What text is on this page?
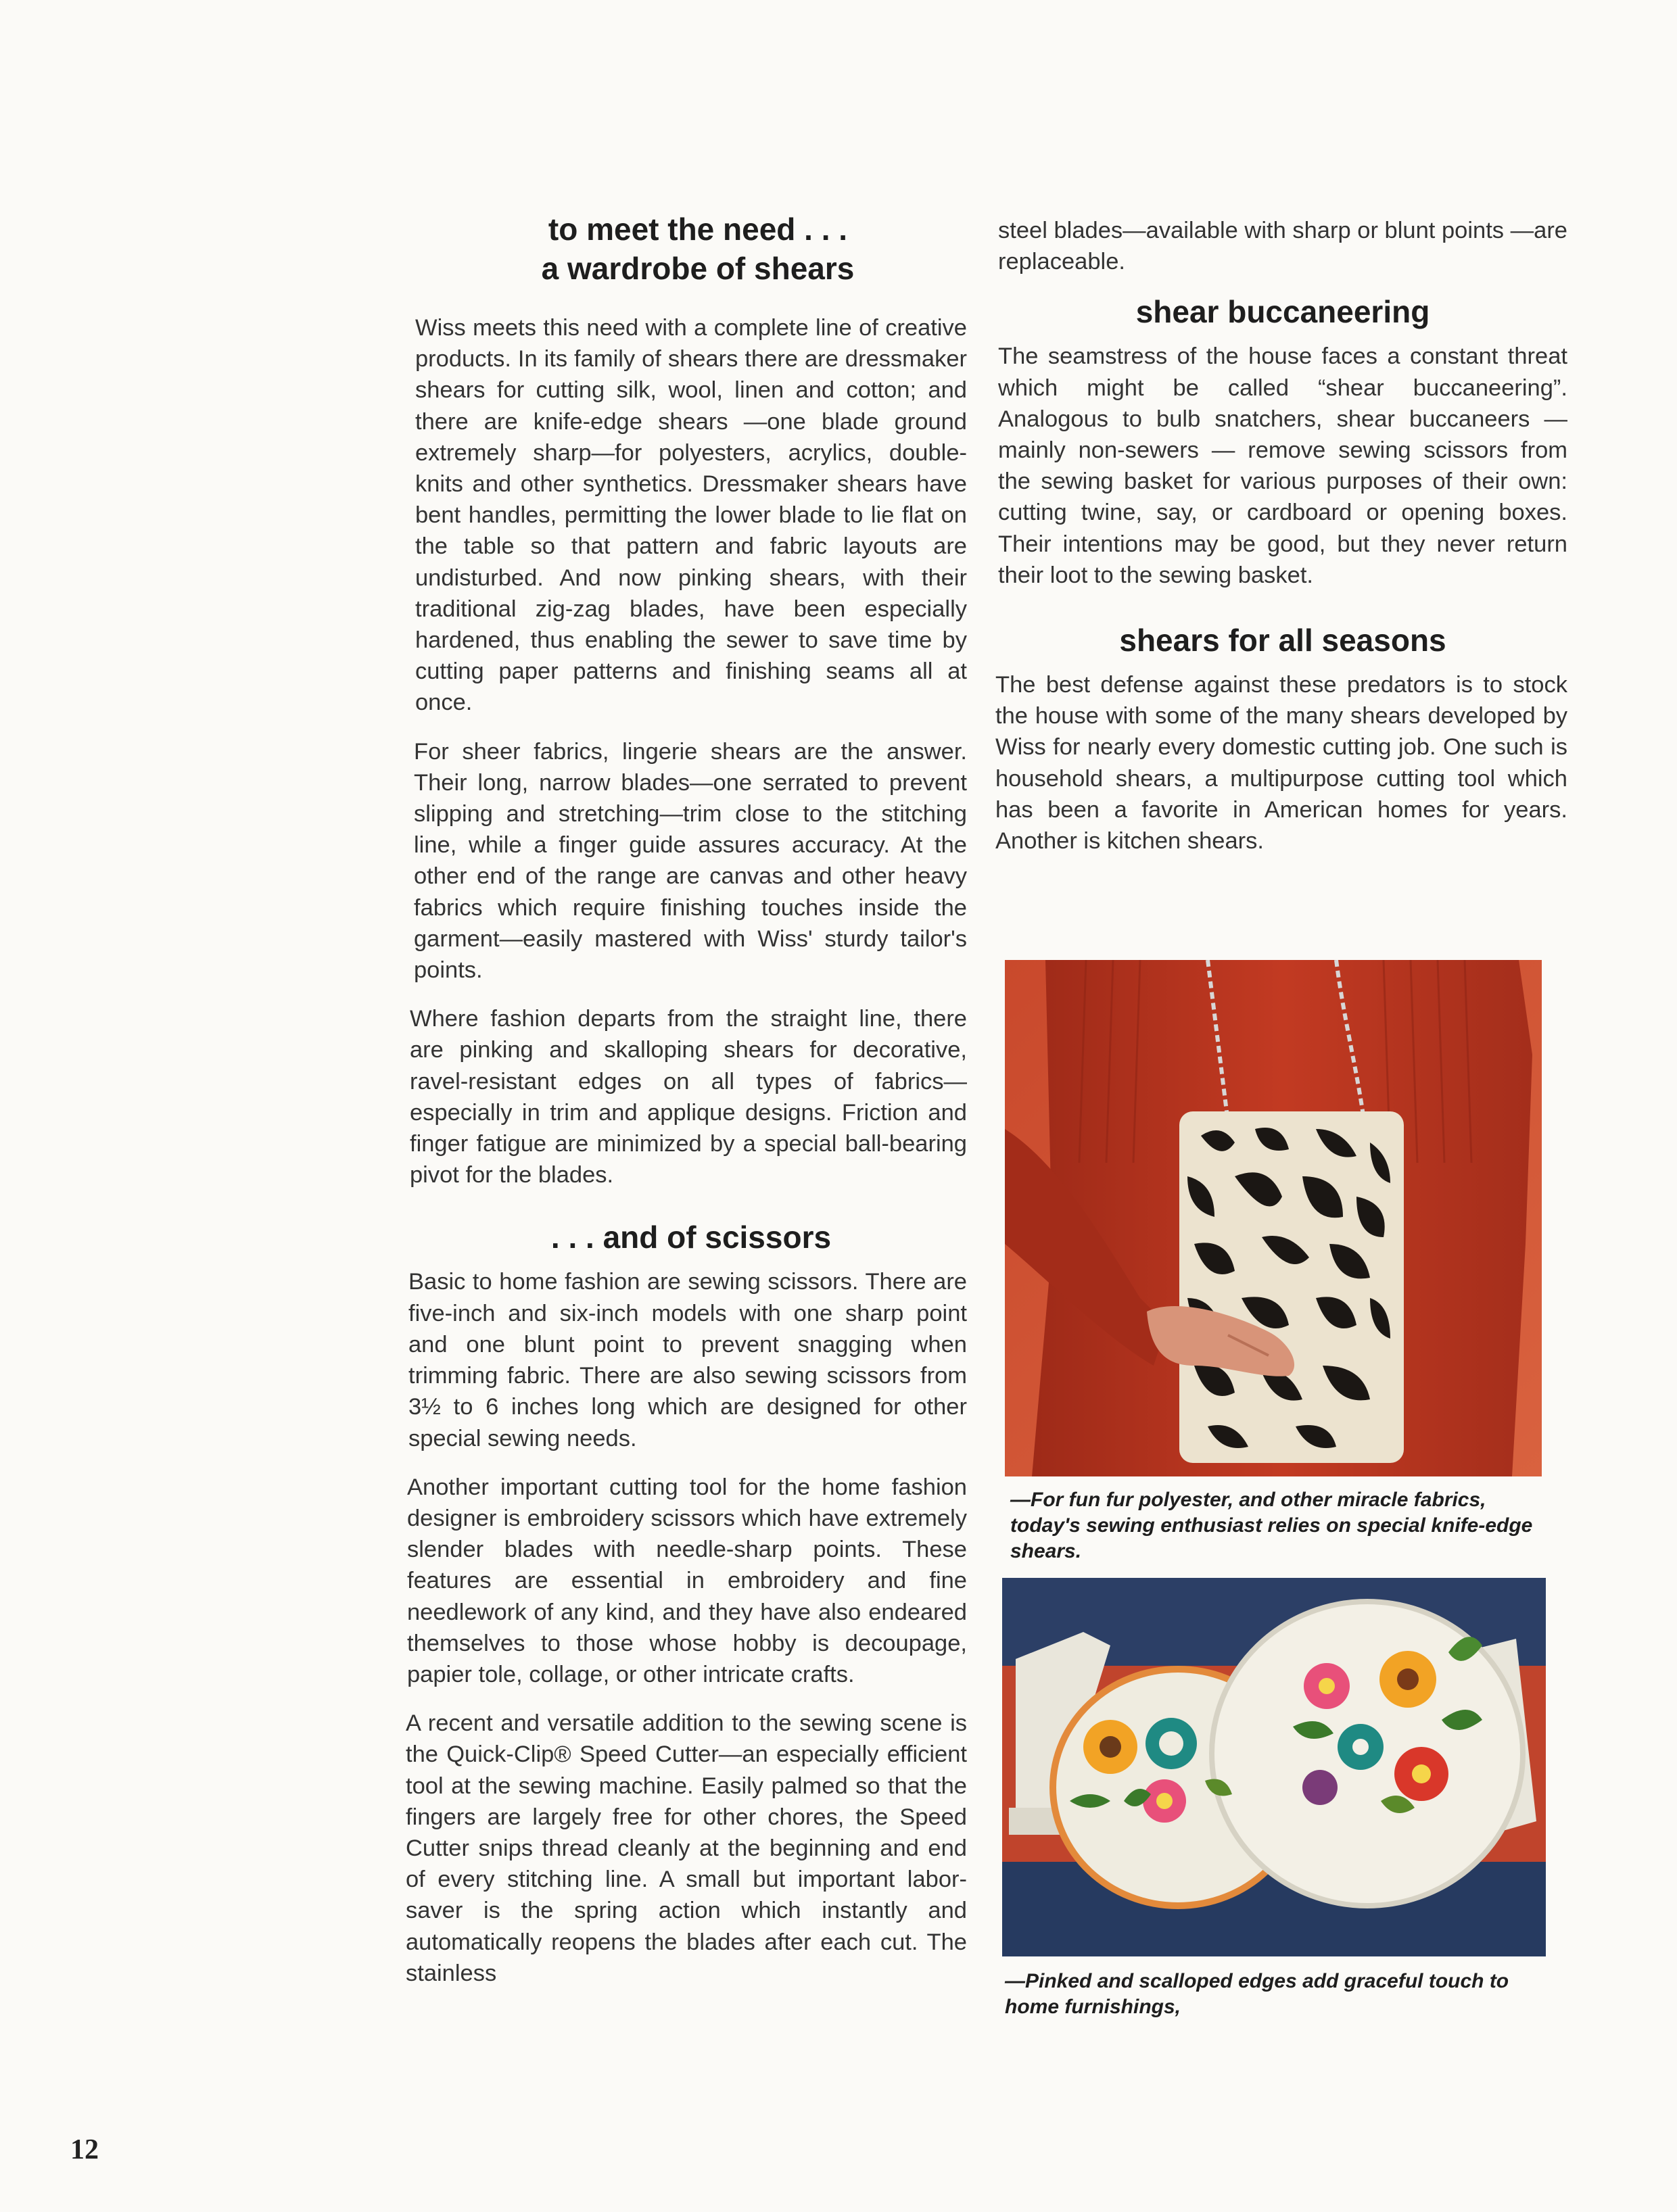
to meet the need . . .
a wardrobe of shears

Wiss meets this need with a complete line of creative products. In its family of shears there are dressmaker shears for cutting silk, wool, linen and cotton; and there are knife-edge shears —one blade ground extremely sharp—for polyesters, acrylics, double-knits and other synthetics. Dressmaker shears have bent handles, permitting the lower blade to lie flat on the table so that pattern and fabric layouts are undisturbed. And now pinking shears, with their traditional zig-zag blades, have been especially hardened, thus enabling the sewer to save time by cutting paper patterns and finishing seams all at once.

For sheer fabrics, lingerie shears are the answer. Their long, narrow blades—one serrated to prevent slipping and stretching—trim close to the stitching line, while a finger guide assures accuracy. At the other end of the range are canvas and other heavy fabrics which require finishing touches inside the garment—easily mastered with Wiss' sturdy tailor's points.

Where fashion departs from the straight line, there are pinking and skalloping shears for decorative, ravel-resistant edges on all types of fabrics—especially in trim and applique designs. Friction and finger fatigue are minimized by a special ball-bearing pivot for the blades.

. . . and of scissors

Basic to home fashion are sewing scissors. There are five-inch and six-inch models with one sharp point and one blunt point to prevent snagging when trimming fabric. There are also sewing scissors from 3½ to 6 inches long which are designed for other special sewing needs.

Another important cutting tool for the home fashion designer is embroidery scissors which have extremely slender blades with needle-sharp points. These features are essential in embroidery and fine needlework of any kind, and they have also endeared themselves to those whose hobby is decoupage, papier tole, collage, or other intricate crafts.

A recent and versatile addition to the sewing scene is the Quick-Clip® Speed Cutter—an especially efficient tool at the sewing machine. Easily palmed so that the fingers are largely free for other chores, the Speed Cutter snips thread cleanly at the beginning and end of every stitching line. A small but important labor-saver is the spring action which instantly and automatically reopens the blades after each cut. The stainless

steel blades—available with sharp or blunt points —are replaceable.

shear buccaneering

The seamstress of the house faces a constant threat which might be called “shear buccaneering”. Analogous to bulb snatchers, shear buccaneers — mainly non-sewers — remove sewing scissors from the sewing basket for various purposes of their own: cutting twine, say, or cardboard or opening boxes. Their intentions may be good, but they never return their loot to the sewing basket.

shears for all seasons

The best defense against these predators is to stock the house with some of the many shears developed by Wiss for nearly every domestic cutting job. One such is household shears, a multipurpose cutting tool which has been a favorite in American homes for years. Another is kitchen shears.

—For fun fur polyester, and other miracle fabrics, today's sewing enthusiast relies on special knife-edge shears.

—Pinked and scalloped edges add graceful touch to home furnishings,

12
